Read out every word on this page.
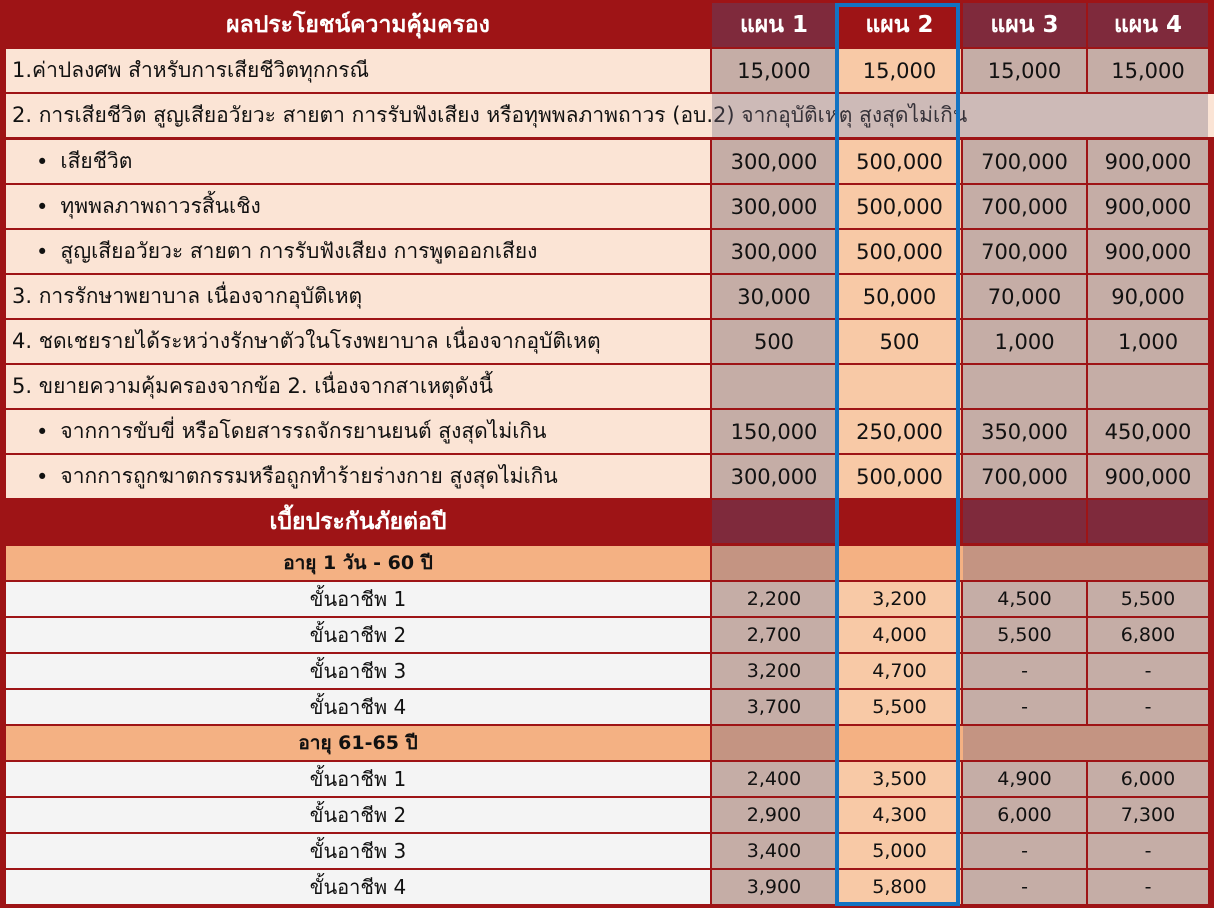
ผลประโยชน์ความคุ้มครอง	แผน 1	แผน 2	แผน 3	แผน 4
1.ค่าปลงศพ สำหรับการเสียชีวิตทุกกรณี	15,000	15,000	15,000	15,000
2. การเสียชีวิต สูญเสียอวัยวะ สายตา การรับฟังเสียง หรือทุพพลภาพถาวร (อบ.2) จากอุบัติเหตุ สูงสุดไม่เกิน
• เสียชีวิต	300,000	500,000	700,000	900,000
• ทุพพลภาพถาวรสิ้นเชิง	300,000	500,000	700,000	900,000
• สูญเสียอวัยวะ สายตา การรับฟังเสียง การพูดออกเสียง	300,000	500,000	700,000	900,000
3. การรักษาพยาบาล เนื่องจากอุบัติเหตุ	30,000	50,000	70,000	90,000
4. ชดเชยรายได้ระหว่างรักษาตัวในโรงพยาบาล เนื่องจากอุบัติเหตุ	500	500	1,000	1,000
5. ขยายความคุ้มครองจากข้อ 2. เนื่องจากสาเหตุดังนี้
• จากการขับขี่ หรือโดยสารรถจักรยานยนต์ สูงสุดไม่เกิน	150,000	250,000	350,000	450,000
• จากการถูกฆาตกรรมหรือถูกทำร้ายร่างกาย สูงสุดไม่เกิน	300,000	500,000	700,000	900,000
เบี้ยประกันภัยต่อปี
อายุ 1 วัน - 60 ปี
ขั้นอาชีพ 1	2,200	3,200	4,500	5,500
ขั้นอาชีพ 2	2,700	4,000	5,500	6,800
ขั้นอาชีพ 3	3,200	4,700	-	-
ขั้นอาชีพ 4	3,700	5,500	-	-
อายุ 61-65 ปี
ขั้นอาชีพ 1	2,400	3,500	4,900	6,000
ขั้นอาชีพ 2	2,900	4,300	6,000	7,300
ขั้นอาชีพ 3	3,400	5,000	-	-
ขั้นอาชีพ 4	3,900	5,800	-	-
